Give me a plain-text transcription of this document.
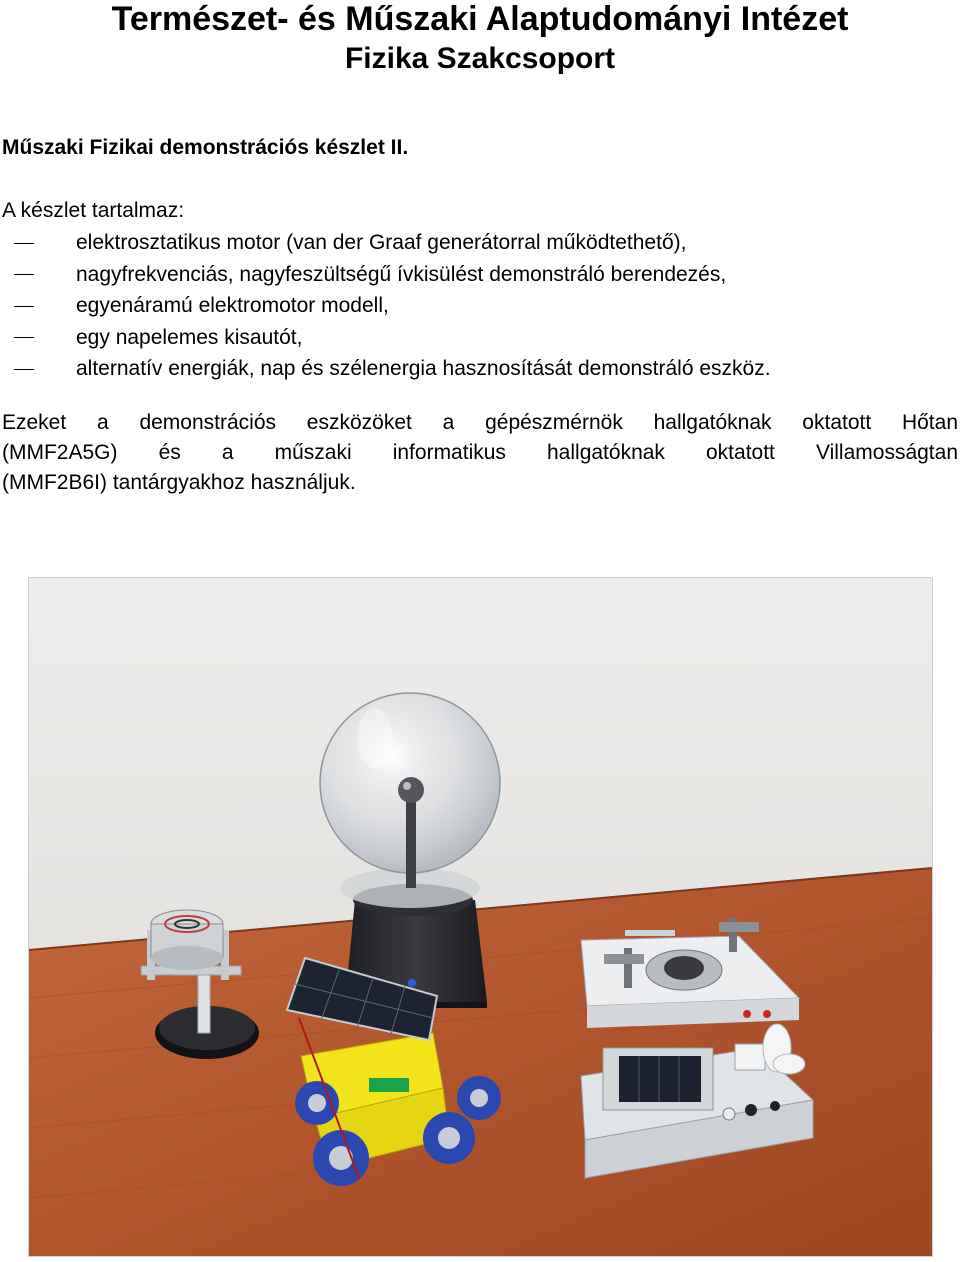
Természet- és Műszaki Alaptudományi Intézet
Fizika Szakcsoport

Műszaki Fizikai demonstrációs készlet II.

A készlet tartalmaz:

elektrosztatikus motor (van der Graaf generátorral működtethető),
nagyfrekvenciás, nagyfeszültségű ívkisülést demonstráló berendezés,
egyenáramú elektromotor modell,
egy napelemes kisautót,
alternatív energiák, nap és szélenergia hasznosítását demonstráló eszköz.
Ezeket a demonstrációs eszközöket a gépészmérnök hallgatóknak oktatott Hőtan
(MMF2A5G) és a műszaki informatikus hallgatóknak oktatott Villamosságtan
(MMF2B6I) tantárgyakhoz használjuk.
